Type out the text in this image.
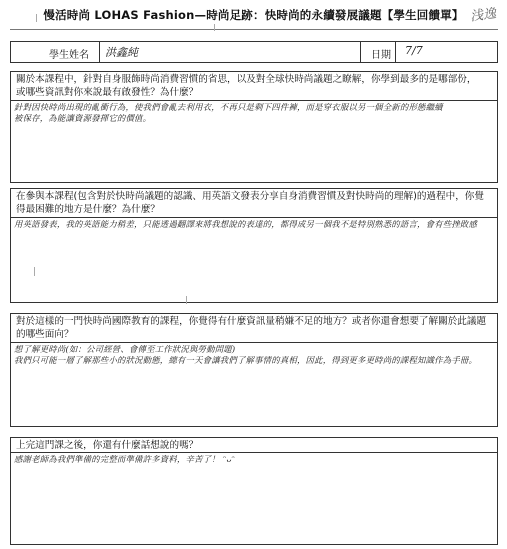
慢活時尚 LOHAS Fashion—時尚足跡：快時尚的永續發展議題【學生回饋單】 浅逸
學生姓名 洪鑫純	日期 7/7
關於本課程中，針對自身服飾時尚消費習慣的省思，以及對全球快時尚議題之瞭解，你學到最多的是哪部份，
或哪些資訊對你來說最有啟發性？為什麼？
針對因快時尚出現的亂衝行為，使我們會亂去利用衣，不再只是剩下四件褲，而是穿衣服以另一個全新的形態繼續
被保存，為能讓資源發揮它的價值。
在參與本課程(包含對於快時尚議題的認識、用英語文發表分享自身消費習慣及對快時尚的理解)的過程中，你覺
得最困難的地方是什麼？為什麼？
用英語發表，我的英語能力稍差，只能透過翻譯來將我想說的表達的，都得成另一個我不是特別熟悉的語言，會有些挫敗感
對於這樣的一門快時尚國際教育的課程，你覺得有什麼資訊量稍嫌不足的地方？或者你還會想要了解關於此議題
的哪些面向？
想了解更時尚(如：公司經營、會傳至工作狀況與勞動問題)
我們只可能一層了解那些小的狀況動態，總有一天會讓我們了解事情的真相，因此，得到更多更時尚的課程知識作為手冊。
上完這門課之後，你還有什麼話想說的嗎？
感謝老師為我們準備的完整而準備許多資料，辛苦了！ ᵔᴗᵔ
